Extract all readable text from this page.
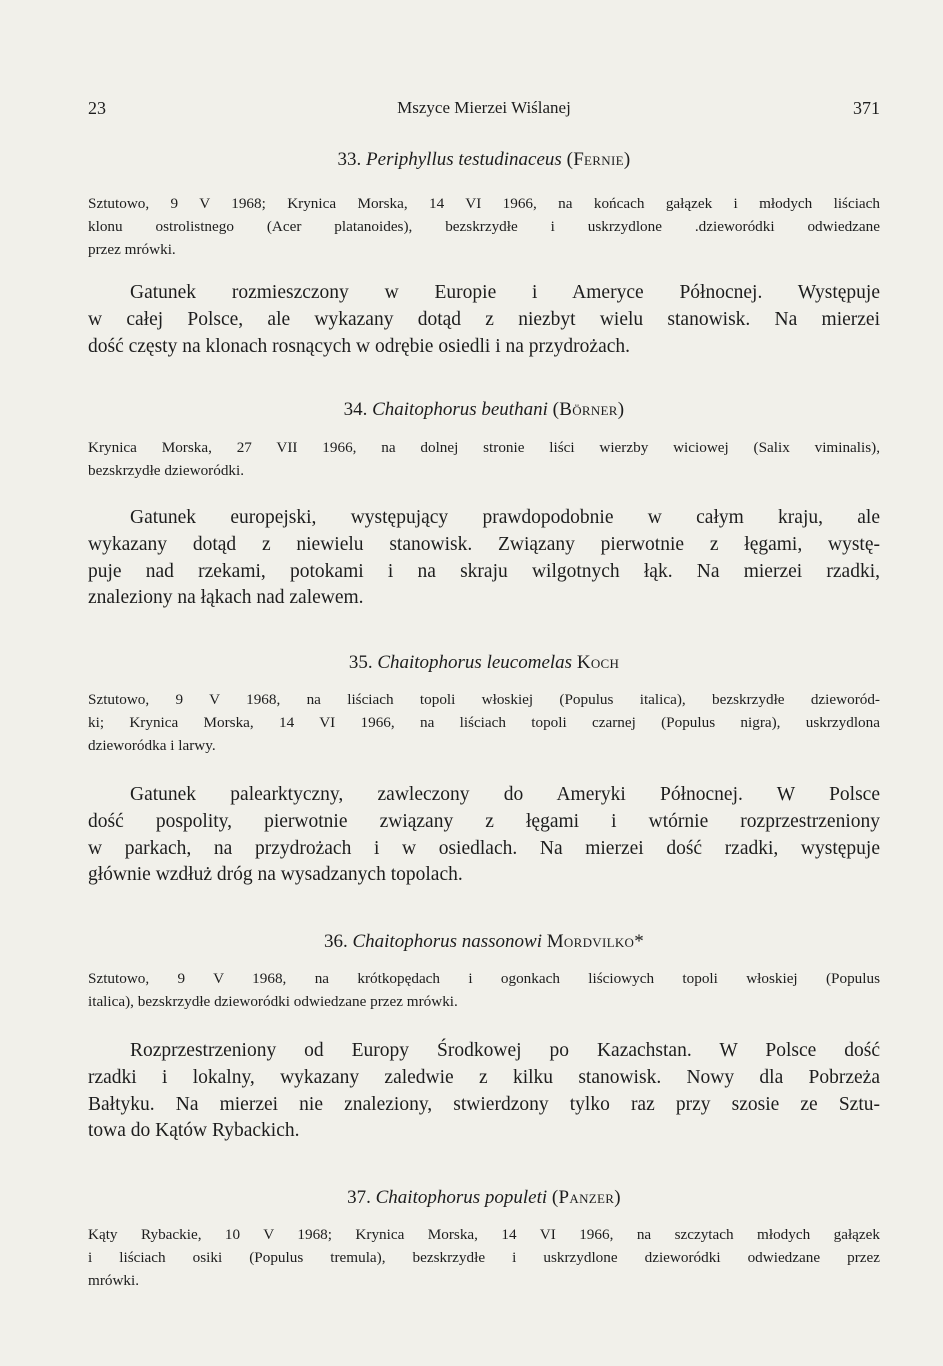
23	Mszyce Mierzei Wiślanej	371
33. Periphyllus testudinaceus (Fernie)

Sztutowo, 9 V 1968; Krynica Morska, 14 VI 1966, na końcach gałązek i młodych liściach
klonu ostrolistnego (Acer platanoides), bezskrzydłe i uskrzydlone .dzieworódki odwiedzane
przez mrówki.

Gatunek rozmieszczony w Europie i Ameryce Północnej. Występuje
w całej Polsce, ale wykazany dotąd z niezbyt wielu stanowisk. Na mierzei
dość częsty na klonach rosnących w odrębie osiedli i na przydrożach.

34. Chaitophorus beuthani (Börner)

Krynica Morska, 27 VII 1966, na dolnej stronie liści wierzby wiciowej (Salix viminalis),
bezskrzydłe dzieworódki.

Gatunek europejski, występujący prawdopodobnie w całym kraju, ale
wykazany dotąd z niewielu stanowisk. Związany pierwotnie z łęgami, wystę-
puje nad rzekami, potokami i na skraju wilgotnych łąk. Na mierzei rzadki,
znaleziony na łąkach nad zalewem.

35. Chaitophorus leucomelas Koch

Sztutowo, 9 V 1968, na liściach topoli włoskiej (Populus italica), bezskrzydłe dzieworód-
ki; Krynica Morska, 14 VI 1966, na liściach topoli czarnej (Populus nigra), uskrzydlona
dzieworódka i larwy.

Gatunek palearktyczny, zawleczony do Ameryki Północnej. W Polsce
dość pospolity, pierwotnie związany z łęgami i wtórnie rozprzestrzeniony
w parkach, na przydrożach i w osiedlach. Na mierzei dość rzadki, występuje
głównie wzdłuż dróg na wysadzanych topolach.

36. Chaitophorus nassonowi Mordvilko*

Sztutowo, 9 V 1968, na krótkopędach i ogonkach liściowych topoli włoskiej (Populus
italica), bezskrzydłe dzieworódki odwiedzane przez mrówki.

Rozprzestrzeniony od Europy Środkowej po Kazachstan. W Polsce dość
rzadki i lokalny, wykazany zaledwie z kilku stanowisk. Nowy dla Pobrzeża
Bałtyku. Na mierzei nie znaleziony, stwierdzony tylko raz przy szosie ze Sztu-
towa do Kątów Rybackich.

37. Chaitophorus populeti (Panzer)

Kąty Rybackie, 10 V 1968; Krynica Morska, 14 VI 1966, na szczytach młodych gałązek
i liściach osiki (Populus tremula), bezskrzydłe i uskrzydlone dzieworódki odwiedzane przez
mrówki.
